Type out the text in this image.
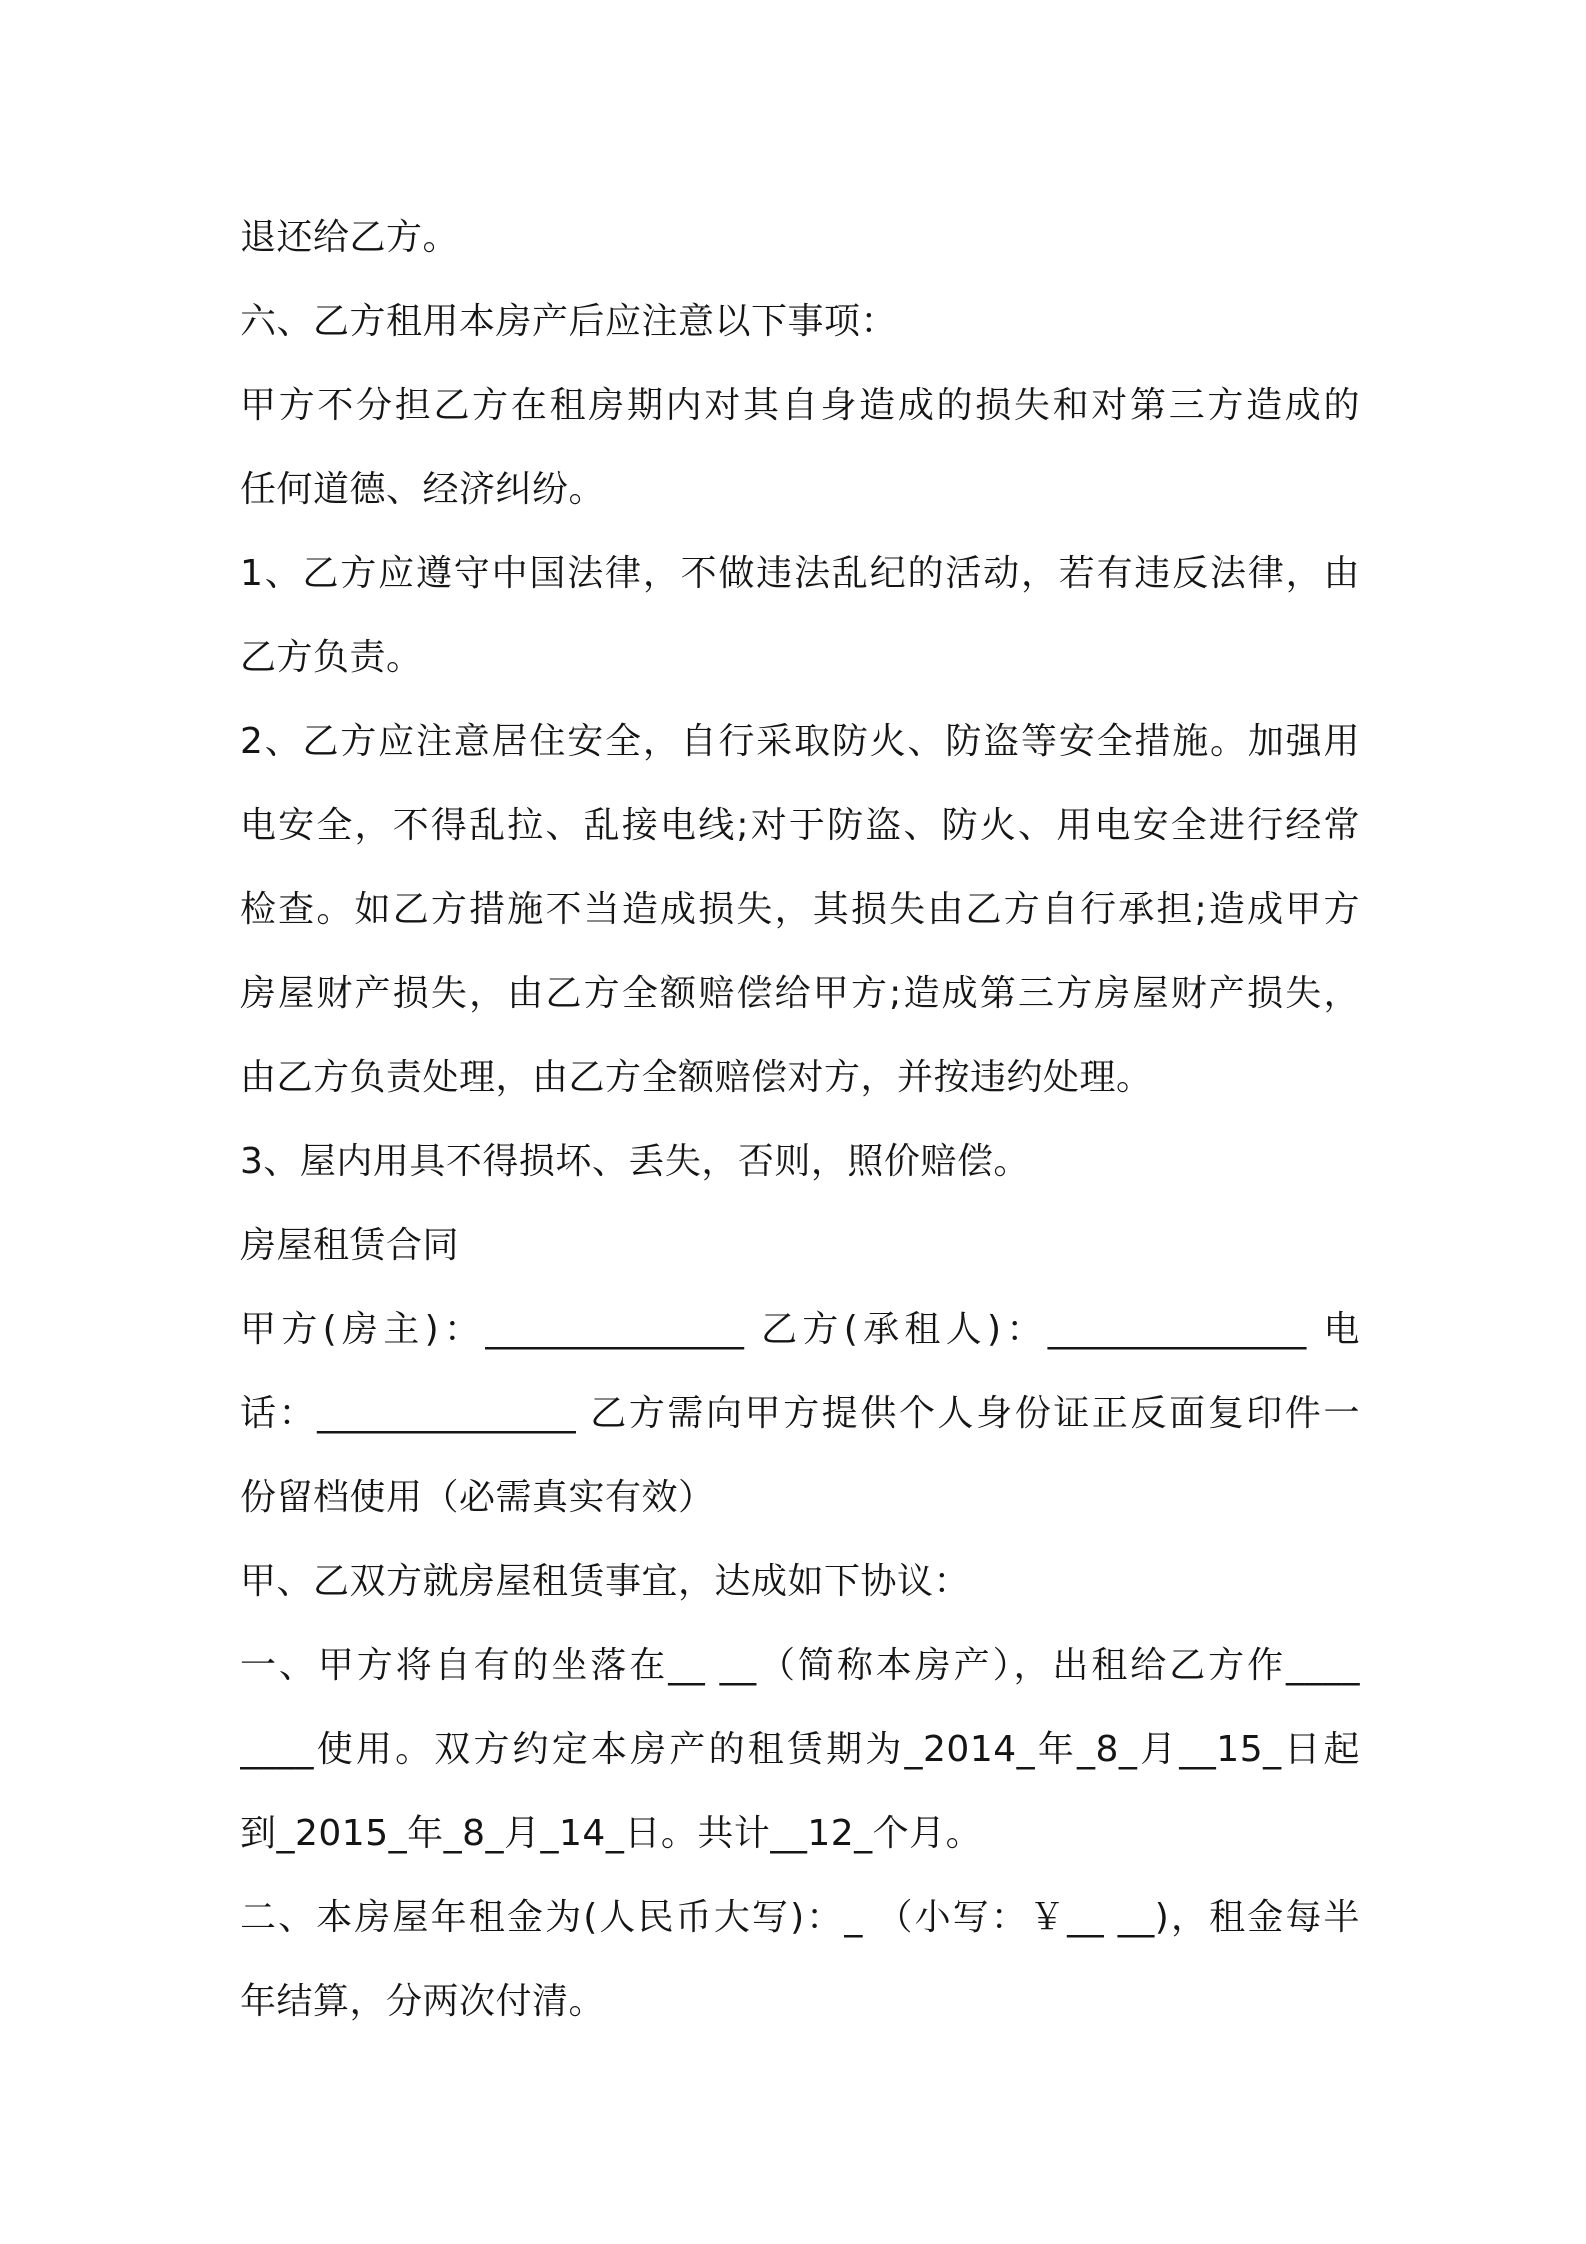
退还给乙方。
六、乙方租用本房产后应注意以下事项：
甲方不分担乙方在租房期内对其自身造成的损失和对第三方造成的
任何道德、经济纠纷。
1、乙方应遵守中国法律，不做违法乱纪的活动，若有违反法律，由
乙方负责。
2、乙方应注意居住安全，自行采取防火、防盗等安全措施。加强用
电安全，不得乱拉、乱接电线;对于防盗、防火、用电安全进行经常
检查。如乙方措施不当造成损失，其损失由乙方自行承担;造成甲方
房屋财产损失，由乙方全额赔偿给甲方;造成第三方房屋财产损失，
由乙方负责处理，由乙方全额赔偿对方，并按违约处理。
3、屋内用具不得损坏、丢失，否则，照价赔偿。
房屋租赁合同
甲方(房主)：______________ 乙方(承租人)：______________ 电
话：______________ 乙方需向甲方提供个人身份证正反面复印件一
份留档使用（必需真实有效）
甲、乙双方就房屋租赁事宜，达成如下协议：
一、甲方将自有的坐落在__ __（简称本房产），出租给乙方作____
____使用。双方约定本房产的租赁期为_2014_年_8_月__15_日起
到_2015_年_8_月_14_日。共计__12_个月。
二、本房屋年租金为(人民币大写)：_ （小写：￥__ __)，租金每半
年结算，分两次付清。
